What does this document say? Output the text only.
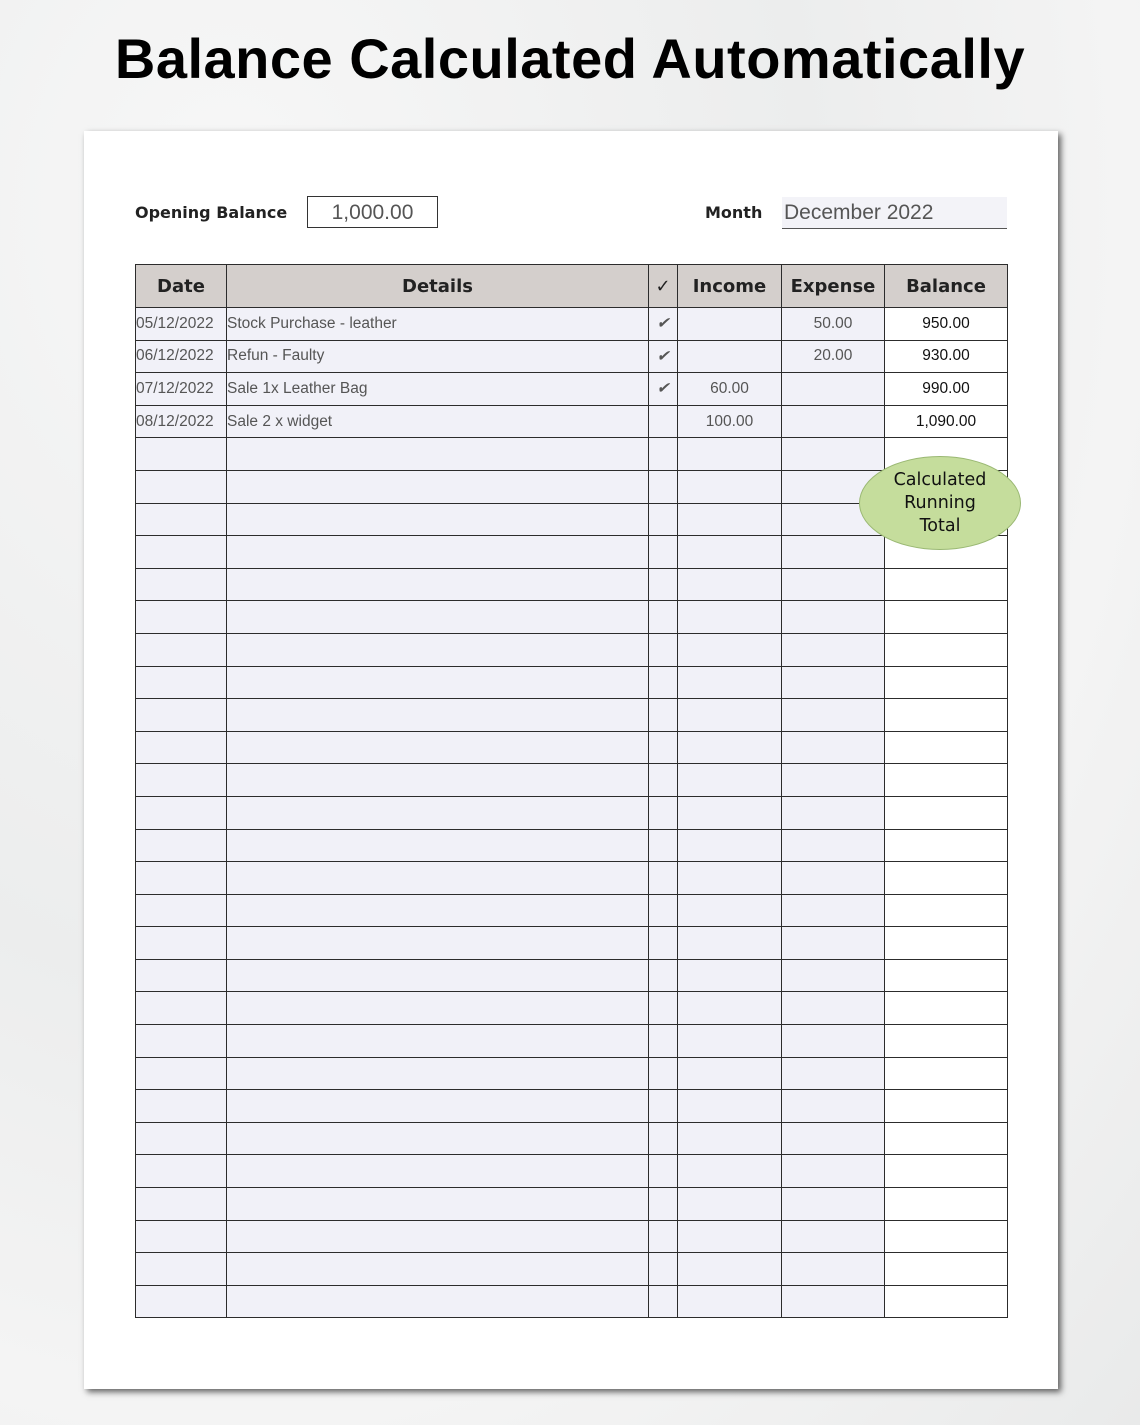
Balance Calculated Automatically
Opening Balance	1,000.00	Month December 2022
Date	Details	✓	Income	Expense	Balance
05/12/2022	Stock Purchase - leather	✔		50.00	950.00
06/12/2022	Refun - Faulty	✔		20.00	930.00
07/12/2022	Sale 1x Leather Bag	✔	60.00		990.00
08/12/2022	Sale 2 x widget		100.00		1,090.00

Calculated
Running
Total
